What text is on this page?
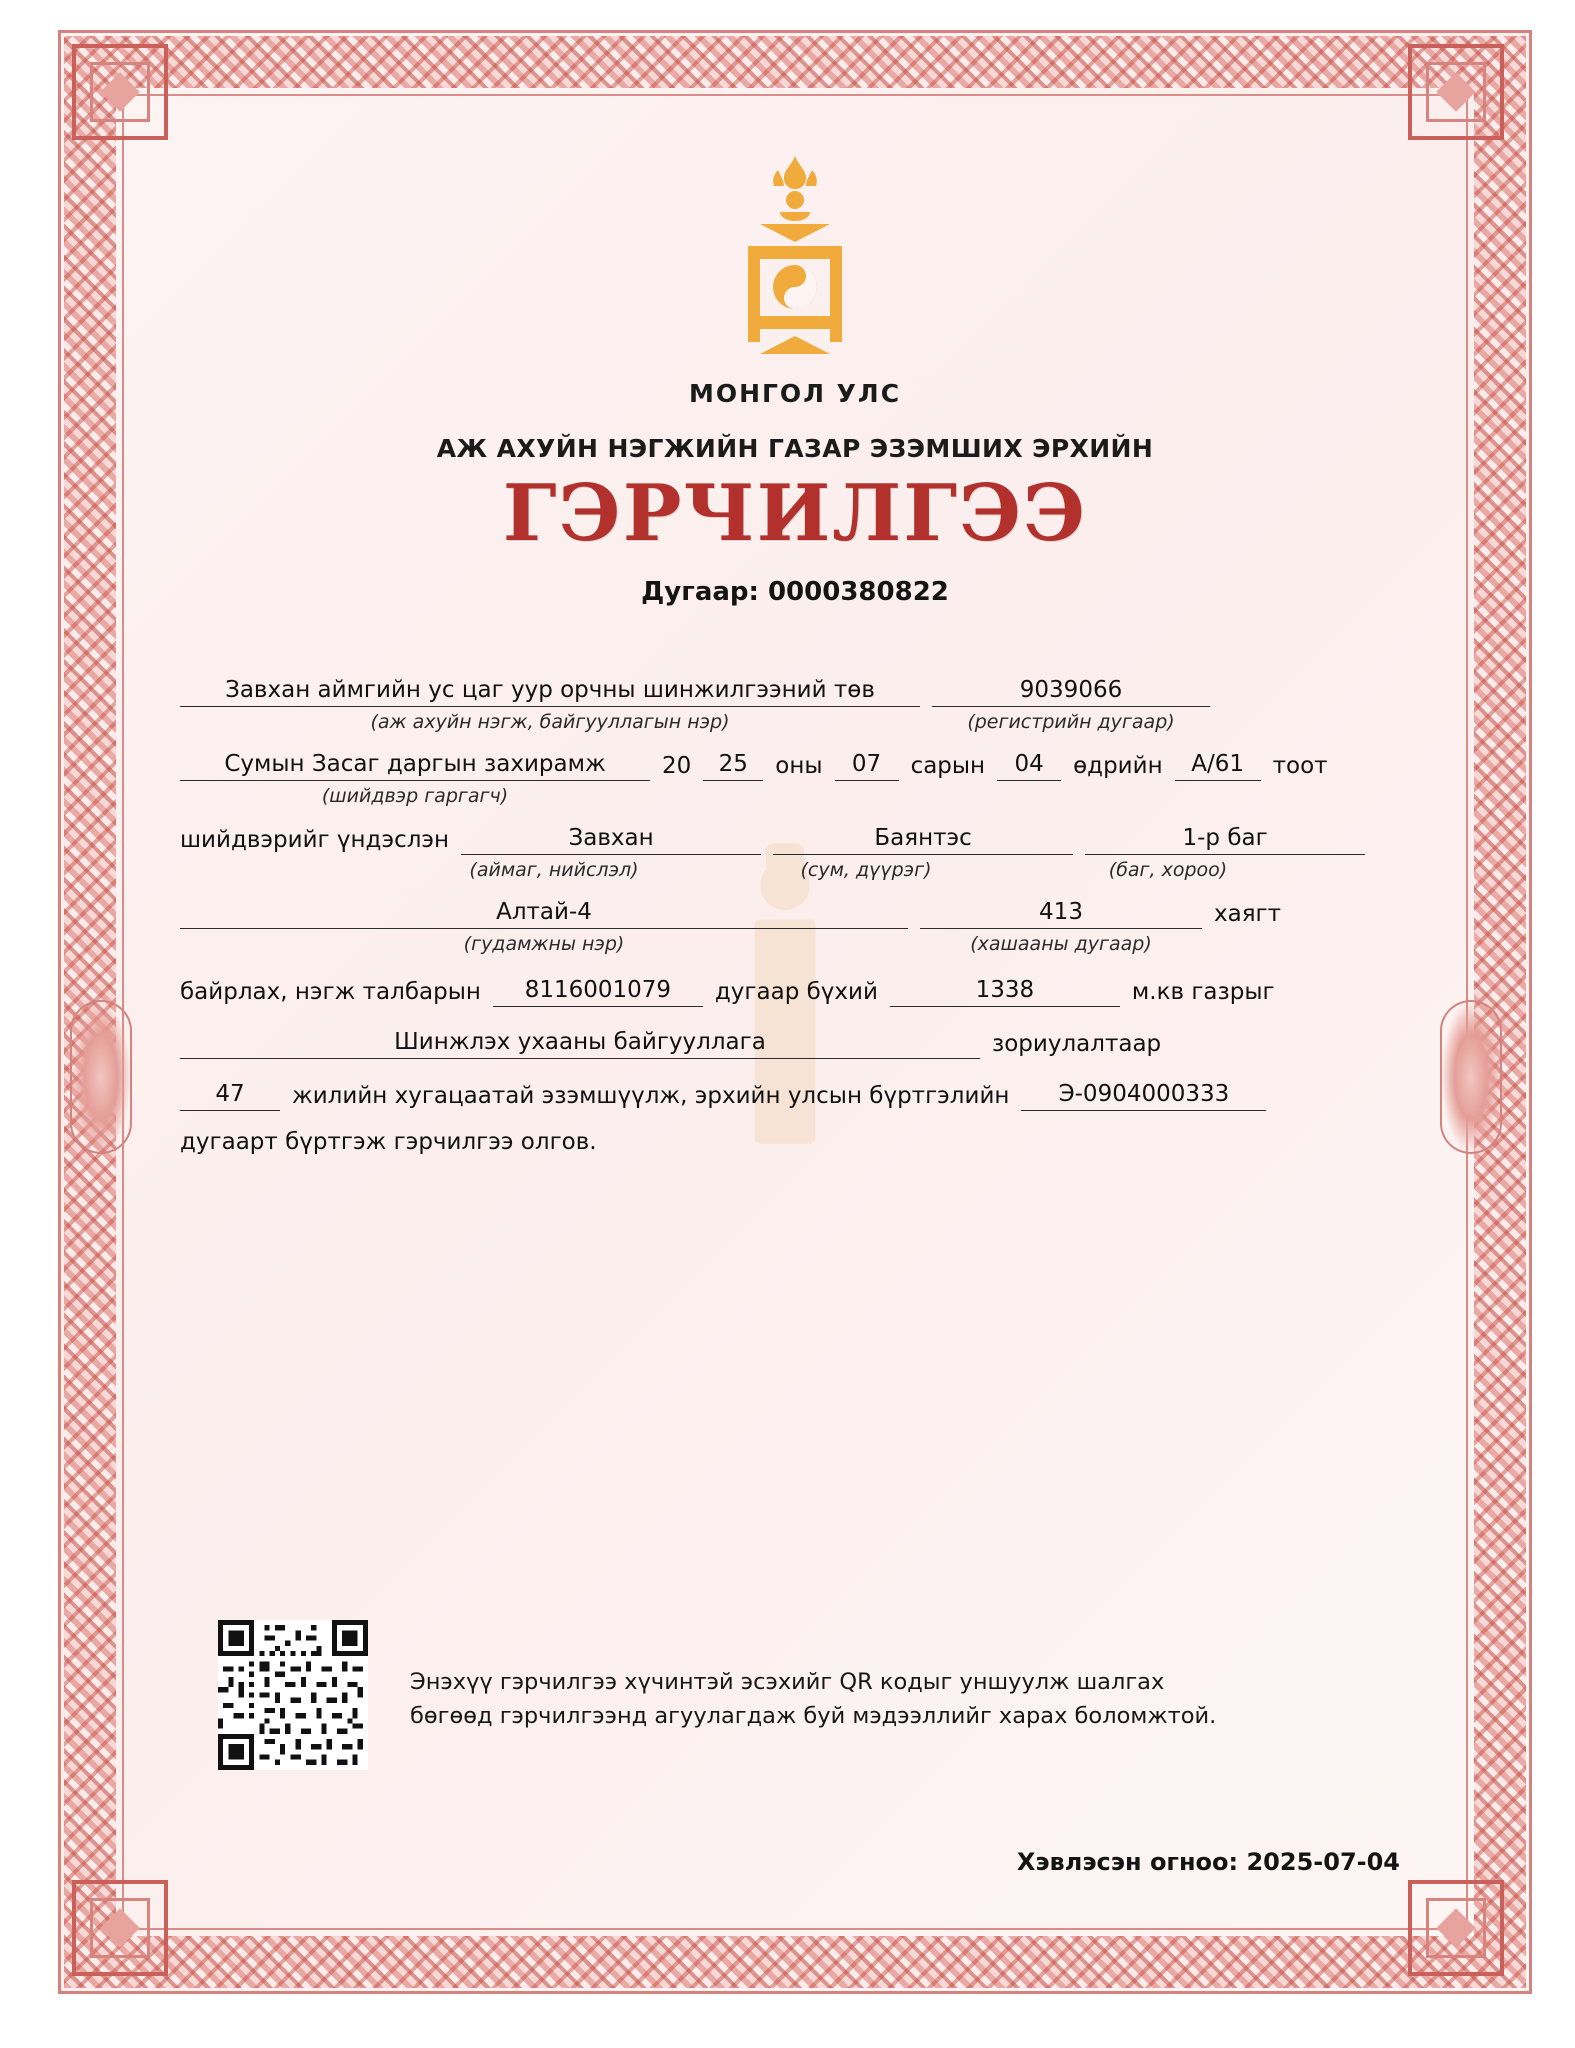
МОНГОЛ УЛС
АЖ АХУЙН НЭГЖИЙН ГАЗАР ЭЗЭМШИХ ЭРХИЙН
ГЭРЧИЛГЭЭ
Дугаар: 0000380822
Завхан аймгийн ус цаг уур орчны шинжилгээний төв	9039066
(аж ахуйн нэгж, байгууллагын нэр)	(регистрийн дугаар)
Сумын Засаг даргын захирамж	20	25	оны	07	сарын	04	өдрийн	А/61	тоот
(шийдвэр гаргагч)
шийдвэрийг үндэслэн	Завхан	Баянтэс	1-р баг
(аймаг, нийслэл)	(сум, дүүрэг)	(баг, хороо)
Алтай-4	413	хаягт
(гудамжны нэр)	(хашааны дугаар)
байрлах, нэгж талбарын	8116001079	дугаар бүхий	1338	м.кв газрыг
Шинжлэх ухааны байгууллага	зориулалтаар
47	жилийн хугацаатай эзэмшүүлж, эрхийн улсын бүртгэлийн	Э-0904000333
дугаарт бүртгэж гэрчилгээ олгов.
Энэхүү гэрчилгээ хүчинтэй эсэхийг QR кодыг уншуулж шалгах
бөгөөд гэрчилгээнд агуулагдаж буй мэдээллийг харах боломжтой.
Хэвлэсэн огноо: 2025-07-04
